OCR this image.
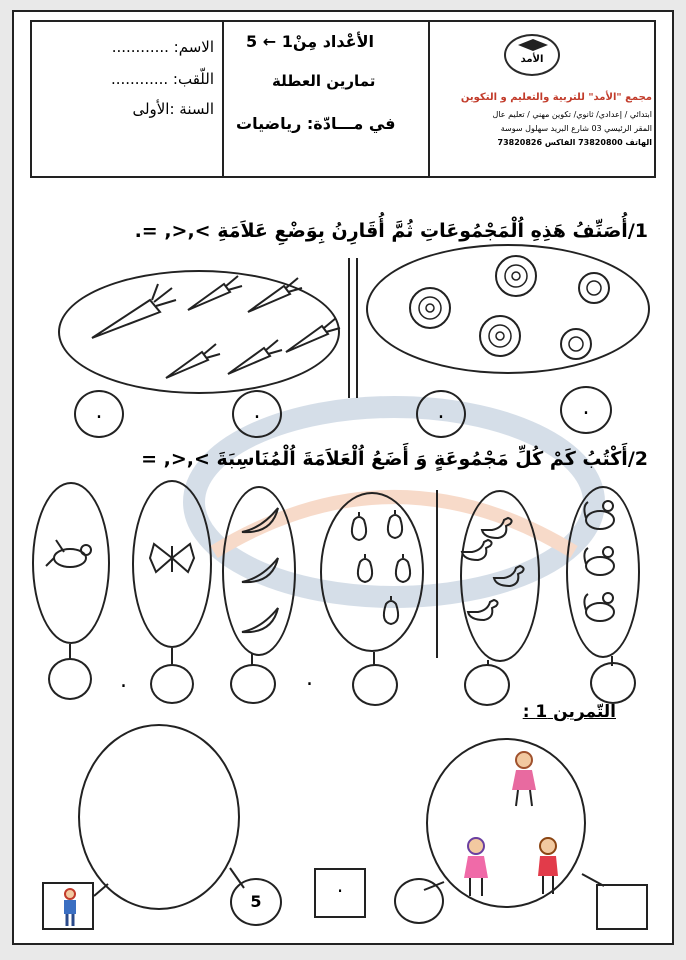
الاسم: ............
اللّقب: ............
السنة :الأولى
الأعْداد مِنْ1 ← 5
تمارين العطلة
في مـــادّة: رياضيات
الأمد
مجمع "الأمد" للتربية والتعليم و التكوين
ابتدائي / إعدادي/ ثانوي/ تكوين مهني / تعليم عال
المقر الرئيسي 03 شارع البريد سهلول سوسة
الهاتف 73820800 الفاكس 73820826
1/أُصَنِّفُ هَذِهِ اُلْمَجْمُوعَاتِ ثُمَّ أُقَارِنُ بِوَضْعِ عَلاَمَةِ >,<, =.
.	.	.	.
2/أَكْتُبُ كَمْ كُلِّ مَجْمُوعَةٍ وَ أَضَعُ اُلْعَلاَمَةَ اُلْمُنَاسِبَةَ >,<, =
.	.
التّمرين 1 :
5
.
